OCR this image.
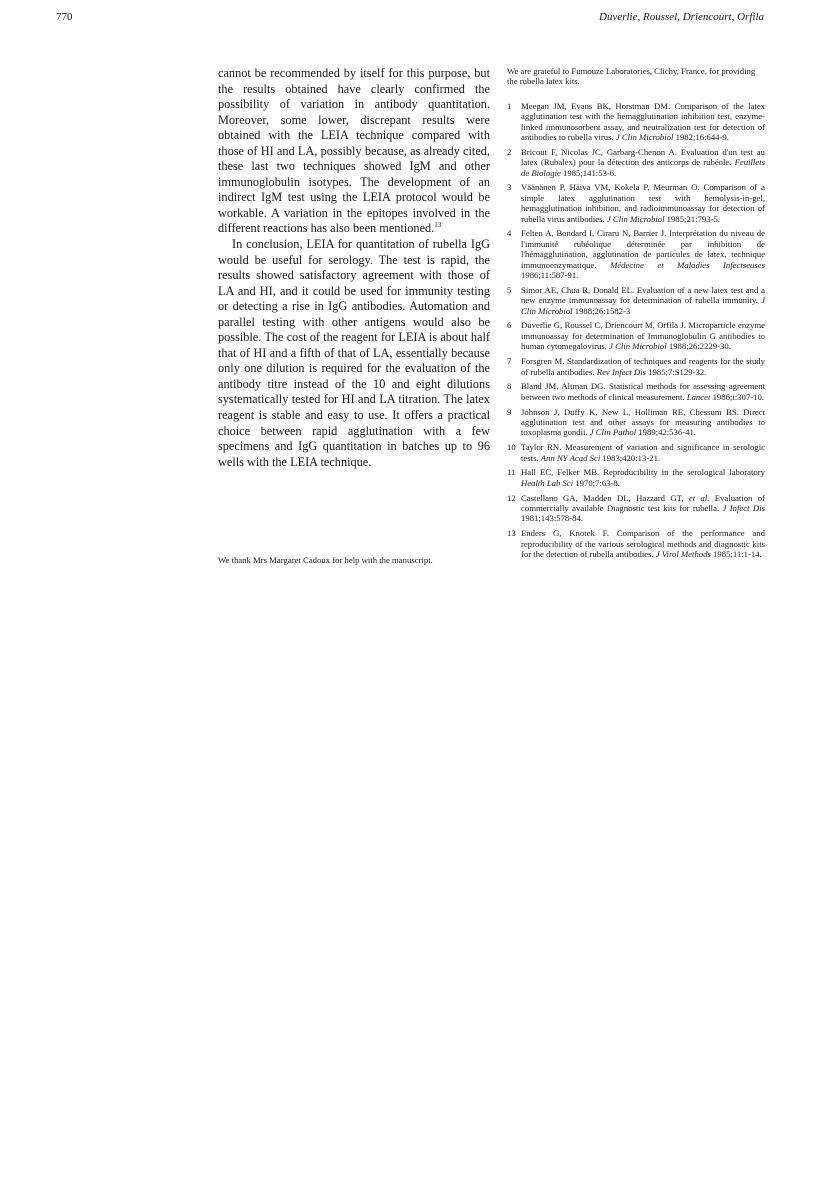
770	Duverlie, Roussel, Driencourt, Orfila

cannot be recommended by itself for this purpose, but the results obtained have clearly confirmed the possibility of variation in antibody quantitation. Moreover, some lower, discrepant results were obtained with the LEIA technique compared with those of HI and LA, possibly because, as already cited, these last two techniques showed IgM and other immunoglobulin isotypes. The development of an indirect IgM test using the LEIA protocol would be workable. A variation in the epitopes involved in the different reactions has also been mentioned.$^{13}$

In conclusion, LEIA for quantitation of rubella IgG would be useful for serology. The test is rapid, the results showed satisfactory agreement with those of LA and HI, and it could be used for immunity testing or detecting a rise in IgG antibodies. Automation and parallel testing with other antigens would also be possible. The cost of the reagent for LEIA is about half that of HI and a fifth of that of LA, essentially because only one dilution is required for the evaluation of the antibody titre instead of the 10 and eight dilutions systematically tested for HI and LA titration. The latex reagent is stable and easy to use. It offers a practical choice between rapid agglutination with a few specimens and IgG quantitation in batches up to 96 wells with the LEIA technique.

We thank Mrs Margaret Cadoux for help with the manuscript.

We are grateful to Fumouze Laboratories, Clichy, France, for providing the rubella latex kits.

1	Meegan JM, Evans BK, Horstman DM. Comparison of the latex agglutination test with the hemagglutination inhibition test, enzyme-linked immunosorbent assay, and neutralization test for detection of antibodies to rubella virus. J Clin Microbiol 1982;16:644-9.
2	Bricout F, Nicolas JC, Garbarg-Chenon A. Evaluation d'un test au latex (Rubalex) pour la détection des anticorps de rubéole. Feuillets de Biologie 1985;141:53-6.
3	Väänänen P, Häiva VM, Kokela P, Meurman O. Comparison of a simple latex agglutination test with hemolysis-in-gel, hemagglutination inhibition, and radioimmunoassay for detection of rubella virus antibodies. J Clin Microbiol 1985;21:793-5.
4	Felten A, Bondard I, Ciraru N, Barrier J. Interprétation du niveau de l'immunité rubéolique déterminée par inhibition de l'hémagglutination, agglutination de particules de latex, technique immunoenzymatique. Médecine et Maladies Infectseuses 1986;11:587-91.
5	Simor AE, Chua R, Donald EL. Evaluation of a new latex test and a new enzyme immunoassay for determination of rubella immunity. J Clin Microbiol 1988;26:1582-3
6	Duverlie G, Roussel C, Driencourt M, Orfila J. Microparticle enzyme immunoassay for determination of Immunoglobulin G antibodies to human cytomegalovirus. J Clin Microbiol 1988;26:2229-30.
7	Forsgren M. Standardization of techniques and reagents for the study of rubella antibodies. Rev Infect Dis 1985;7:S129-32.
8	Bland JM, Altman DG. Statistical methods for assessing agreement between two methods of clinical measurement. Lancet 1986;i:307-10.
9	Johnson J, Duffy K, New L, Holliman RE, Chessum BS. Direct agglutination test and other assays for measuring antibodies to toxoplasma gondii. J Clin Pathol 1989;42:536-41.
10 Taylor RN. Measurement of variation and significance in serologic tests. Ann NY Acad Sci 1983;420:13-21.
11 Hall EC, Felker MB. Reproducibility in the serological laboratory Health Lab Sci 1970;7:63-8.
12 Castellano GA, Madden DL, Hazzard GT, et al. Evaluation of commercially available Diagnostic test kits for rubella. J Infect Dis 1981;143:578-84.
13 Enders G, Knotek F. Comparison of the performance and reproducibility of the various serological methods and diagnostic kits for the detection of rubella antibodies. J Virol Methods 1985;11:1-14.
